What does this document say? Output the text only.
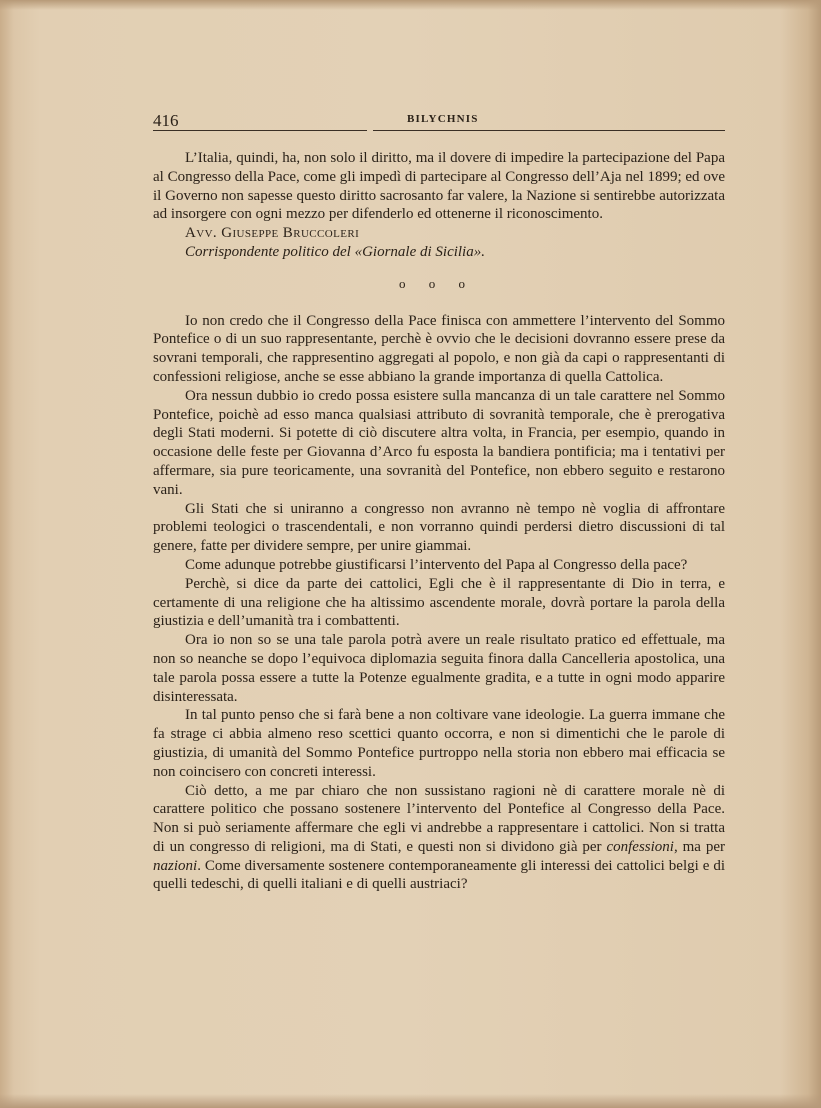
416	BILYCHNIS

L’Italia, quindi, ha, non solo il diritto, ma il dovere di impedire la partecipazione del Papa al Congresso della Pace, come gli impedì di partecipare al Congresso dell’Aja nel 1899; ed ove il Governo non sapesse questo diritto sacrosanto far valere, la Nazione si sentirebbe autorizzata ad insorgere con ogni mezzo per difenderlo ed ottenerne il riconoscimento.

Avv. Giuseppe Bruccoleri

Corrispondente politico del «Giornale di Sicilia».

o o o

Io non credo che il Congresso della Pace finisca con ammettere l’intervento del Sommo Pontefice o di un suo rappresentante, perchè è ovvio che le decisioni dovranno essere prese da sovrani temporali, che rappresentino aggregati al popolo, e non già da capi o rappresentanti di confessioni religiose, anche se esse abbiano la grande importanza di quella Cattolica.

Ora nessun dubbio io credo possa esistere sulla mancanza di un tale carattere nel Sommo Pontefice, poichè ad esso manca qualsiasi attributo di sovranità temporale, che è prerogativa degli Stati moderni. Si potette di ciò discutere altra volta, in Francia, per esempio, quando in occasione delle feste per Giovanna d’Arco fu esposta la bandiera pontificia; ma i tentativi per affermare, sia pure teoricamente, una sovranità del Pontefice, non ebbero seguito e restarono vani.

Gli Stati che si uniranno a congresso non avranno nè tempo nè voglia di affrontare problemi teologici o trascendentali, e non vorranno quindi perdersi dietro discussioni di tal genere, fatte per dividere sempre, per unire giammai.

Come adunque potrebbe giustificarsi l’intervento del Papa al Congresso della pace?

Perchè, si dice da parte dei cattolici, Egli che è il rappresentante di Dio in terra, e certamente di una religione che ha altissimo ascendente morale, dovrà portare la parola della giustizia e dell’umanità tra i combattenti.

Ora io non so se una tale parola potrà avere un reale risultato pratico ed effettuale, ma non so neanche se dopo l’equivoca diplomazia seguita finora dalla Cancelleria apostolica, una tale parola possa essere a tutte la Potenze egualmente gradita, e a tutte in ogni modo apparire disinteressata.

In tal punto penso che si farà bene a non coltivare vane ideologie. La guerra immane che fa strage ci abbia almeno reso scettici quanto occorra, e non si dimentichi che le parole di giustizia, di umanità del Sommo Pontefice purtroppo nella storia non ebbero mai efficacia se non coincisero con concreti interessi.

Ciò detto, a me par chiaro che non sussistano ragioni nè di carattere morale nè di carattere politico che possano sostenere l’intervento del Pontefice al Congresso della Pace. Non si può seriamente affermare che egli vi andrebbe a rappresentare i cattolici. Non si tratta di un congresso di religioni, ma di Stati, e questi non si dividono già per confessioni, ma per nazioni. Come diversamente sostenere contemporaneamente gli interessi dei cattolici belgi e di quelli tedeschi, di quelli italiani e di quelli austriaci?
